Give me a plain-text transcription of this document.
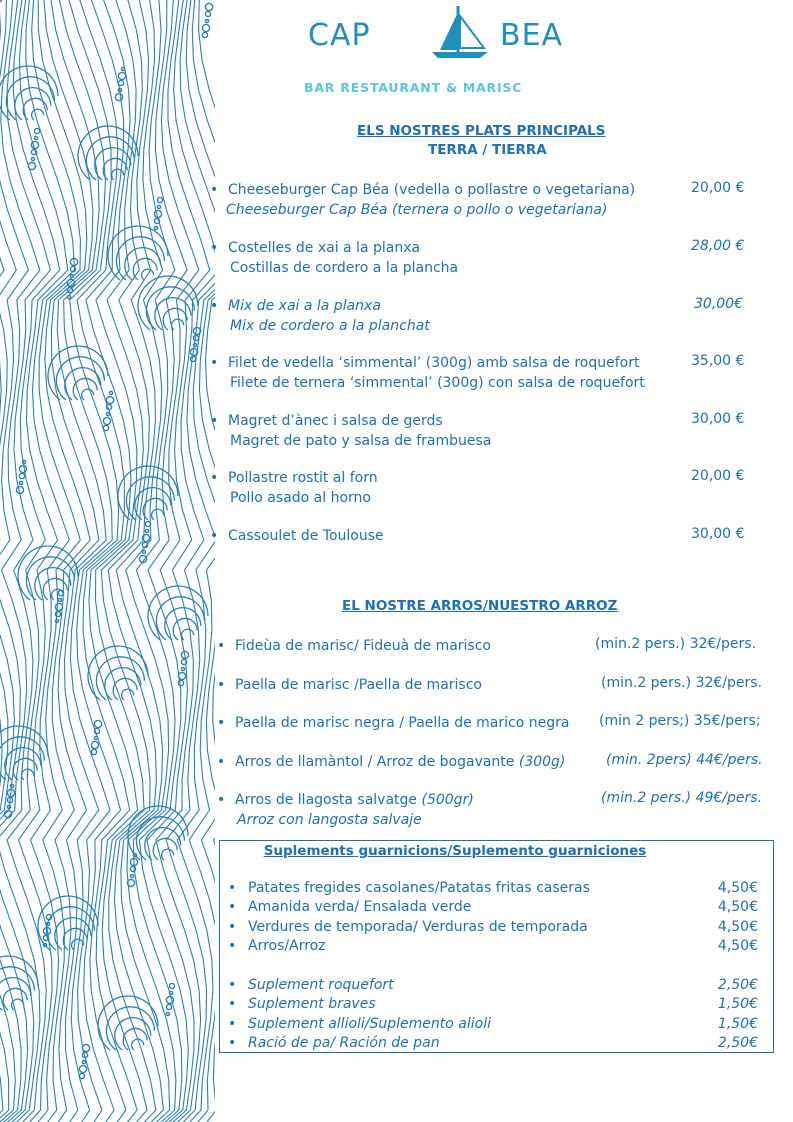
CAP	BEA
BAR RESTAURANT & MARISC
ELS NOSTRES PLATS PRINCIPALS
TERRA / TIERRA
• Cheeseburger Cap Béa (vedella o pollastre o vegetariana)
Cheeseburger Cap Béa (ternera o pollo o vegetariana)
20,00 €
• Costelles de xai a la planxa
Costillas de cordero a la plancha
28,00 €
• Mix de xai a la planxa
Mix de cordero a la planchat
30,00€
• Filet de vedella ‘simmental’ (300g) amb salsa de roquefort
Filete de ternera ‘simmental’ (300g) con salsa de roquefort
35,00 €
• Magret d’ànec i salsa de gerds
Magret de pato y salsa de frambuesa
30,00 €
• Pollastre rostit al forn
Pollo asado al horno
20,00 €
• Cassoulet de Toulouse	30,00 €
EL NOSTRE ARROS/NUESTRO ARROZ
• Fideùa de marisc/ Fideuà de marisco	(min.2 pers.) 32€/pers.
• Paella de marisc /Paella de marisco	(min.2 pers.) 32€/pers.
• Paella de marisc negra / Paella de marico negra (min 2 pers;) 35€/pers;
• Arros de llamàntol / Arroz de bogavante (300g)	(min. 2pers) 44€/pers.
• Arros de llagosta salvatge (500gr)
Arroz con langosta salvaje
(min.2 pers.) 49€/pers.
Suplements guarnicions/Suplemento guarniciones
• Patates fregides casolanes/Patatas fritas caseras	4,50€
• Amanida verda/ Ensalada verde	4,50€
• Verdures de temporada/ Verduras de temporada	4,50€
• Arros/Arroz	4,50€
• Suplement roquefort	2,50€
• Suplement braves	1,50€
• Suplement allioli/Suplemento alioli	1,50€
• Ració de pa/ Ración de pan	2,50€
